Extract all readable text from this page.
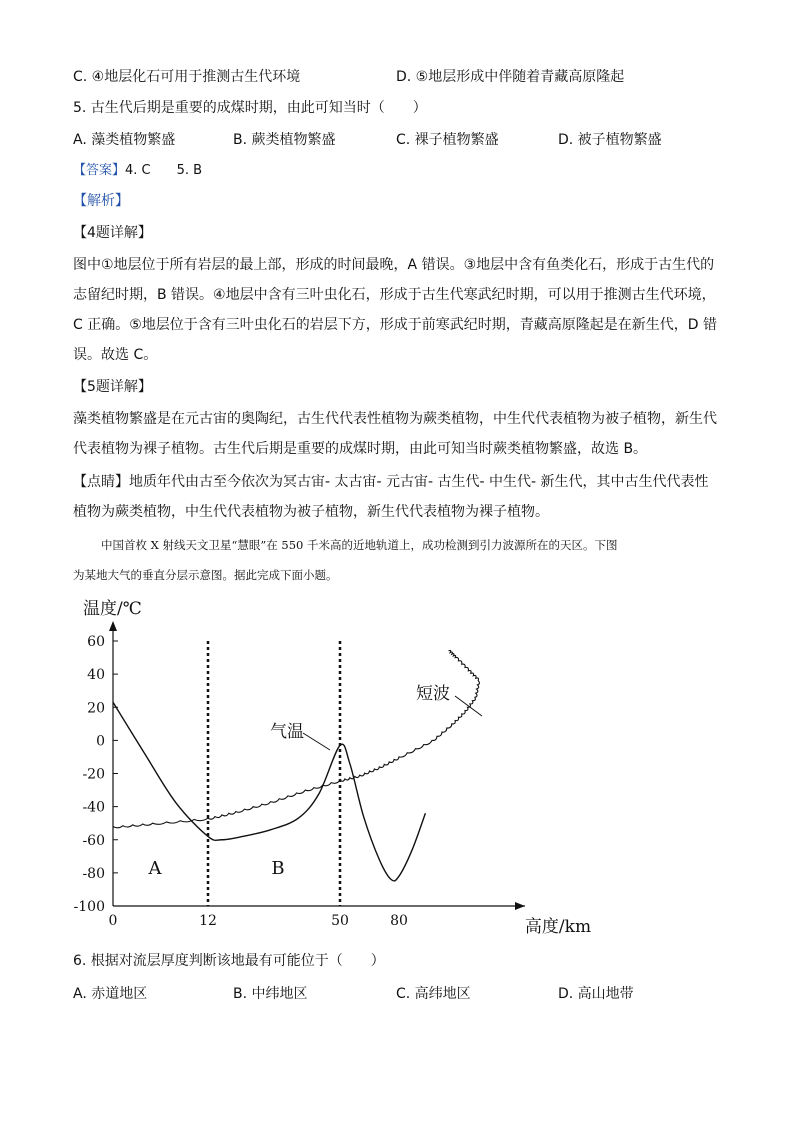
C. ④地层化石可用于推测古生代环境	D. ⑤地层形成中伴随着青藏高原隆起
5. 古生代后期是重要的成煤时期，由此可知当时（　　）
A. 藻类植物繁盛	B. 蕨类植物繁盛	C. 裸子植物繁盛	D. 被子植物繁盛
【答案】4. C　　5. B
【解析】
【4题详解】
图中①地层位于所有岩层的最上部，形成的时间最晚，A 错误。③地层中含有鱼类化石，形成于古生代的
志留纪时期，B 错误。④地层中含有三叶虫化石，形成于古生代寒武纪时期，可以用于推测古生代环境，
C 正确。⑤地层位于含有三叶虫化石的岩层下方，形成于前寒武纪时期，青藏高原隆起是在新生代，D 错
误。故选 C。
【5题详解】
藻类植物繁盛是在元古宙的奥陶纪，古生代代表性植物为蕨类植物，中生代代表植物为被子植物，新生代
代表植物为裸子植物。古生代后期是重要的成煤时期，由此可知当时蕨类植物繁盛，故选 B。
【点睛】地质年代由古至今依次为冥古宙- 太古宙- 元古宙- 古生代- 中生代- 新生代，其中古生代代表性
植物为蕨类植物，中生代代表植物为被子植物，新生代代表植物为裸子植物。
中国首枚 X 射线天文卫星“慧眼”在 550 千米高的近地轨道上，成功检测到引力波源所在的天区。下图
为某地大气的垂直分层示意图。据此完成下面小题。
60
40
20
0
-20
-40
-60
-80
-100
0	12	50	80
温度/℃
高度/km
A	B
气温
短波
6. 根据对流层厚度判断该地最有可能位于（　　）
A. 赤道地区	B. 中纬地区	C. 高纬地区	D. 高山地带
